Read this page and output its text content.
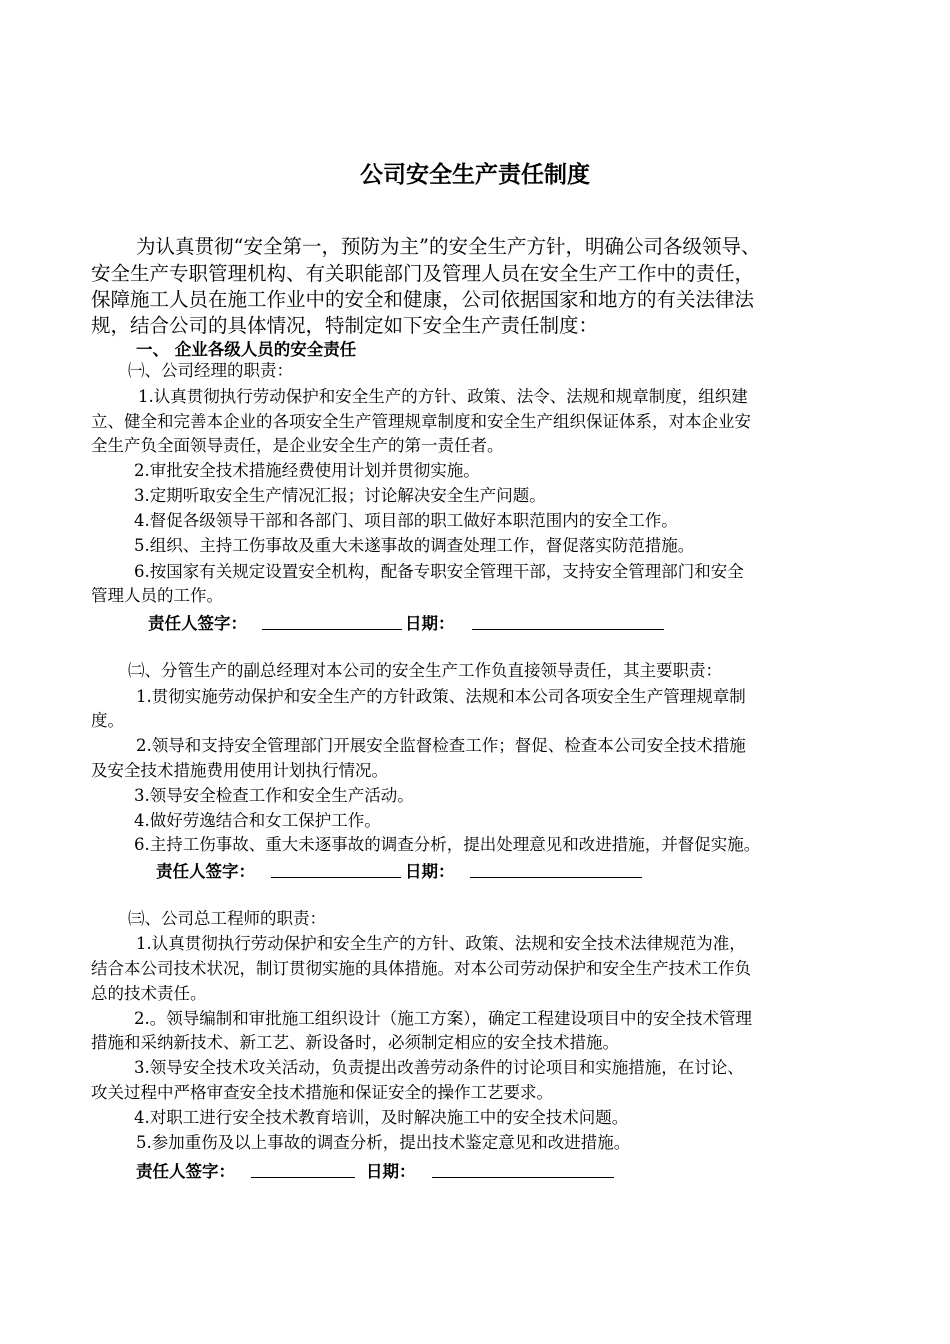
公司安全生产责任制度
为认真贯彻“安全第一，预防为主”的安全生产方针，明确公司各级领导、
安全生产专职管理机构、有关职能部门及管理人员在安全生产工作中的责任，
保障施工人员在施工作业中的安全和健康，公司依据国家和地方的有关法律法
规，结合公司的具体情况，特制定如下安全生产责任制度：
一、 企业各级人员的安全责任
㈠、公司经理的职责：
1.认真贯彻执行劳动保护和安全生产的方针、政策、法令、法规和规章制度，组织建
立、健全和完善本企业的各项安全生产管理规章制度和安全生产组织保证体系，对本企业安
全生产负全面领导责任，是企业安全生产的第一责任者。
2.审批安全技术措施经费使用计划并贯彻实施。
3.定期听取安全生产情况汇报；讨论解决安全生产问题。
4.督促各级领导干部和各部门、项目部的职工做好本职范围内的安全工作。
5.组织、主持工伤事故及重大未遂事故的调查处理工作，督促落实防范措施。
6.按国家有关规定设置安全机构，配备专职安全管理干部，支持安全管理部门和安全
管理人员的工作。
责任人签字：	日期：
㈡、分管生产的副总经理对本公司的安全生产工作负直接领导责任，其主要职责：
1.贯彻实施劳动保护和安全生产的方针政策、法规和本公司各项安全生产管理规章制
度。
2.领导和支持安全管理部门开展安全监督检查工作；督促、检查本公司安全技术措施
及安全技术措施费用使用计划执行情况。
3.领导安全检查工作和安全生产活动。
4.做好劳逸结合和女工保护工作。
6.主持工伤事故、重大未逐事故的调查分析，提出处理意见和改进措施，并督促实施。
责任人签字：	日期：
㈢、公司总工程师的职责：
1.认真贯彻执行劳动保护和安全生产的方针、政策、法规和安全技术法律规范为准，
结合本公司技术状况，制订贯彻实施的具体措施。对本公司劳动保护和安全生产技术工作负
总的技术责任。
2.。领导编制和审批施工组织设计（施工方案），确定工程建设项目中的安全技术管理
措施和采纳新技术、新工艺、新设备时，必须制定相应的安全技术措施。
3.领导安全技术攻关活动，负责提出改善劳动条件的讨论项目和实施措施，在讨论、
攻关过程中严格审查安全技术措施和保证安全的操作工艺要求。
4.对职工进行安全技术教育培训，及时解决施工中的安全技术问题。
5.参加重伤及以上事故的调查分析，提出技术鉴定意见和改进措施。
责任人签字：	日期：
